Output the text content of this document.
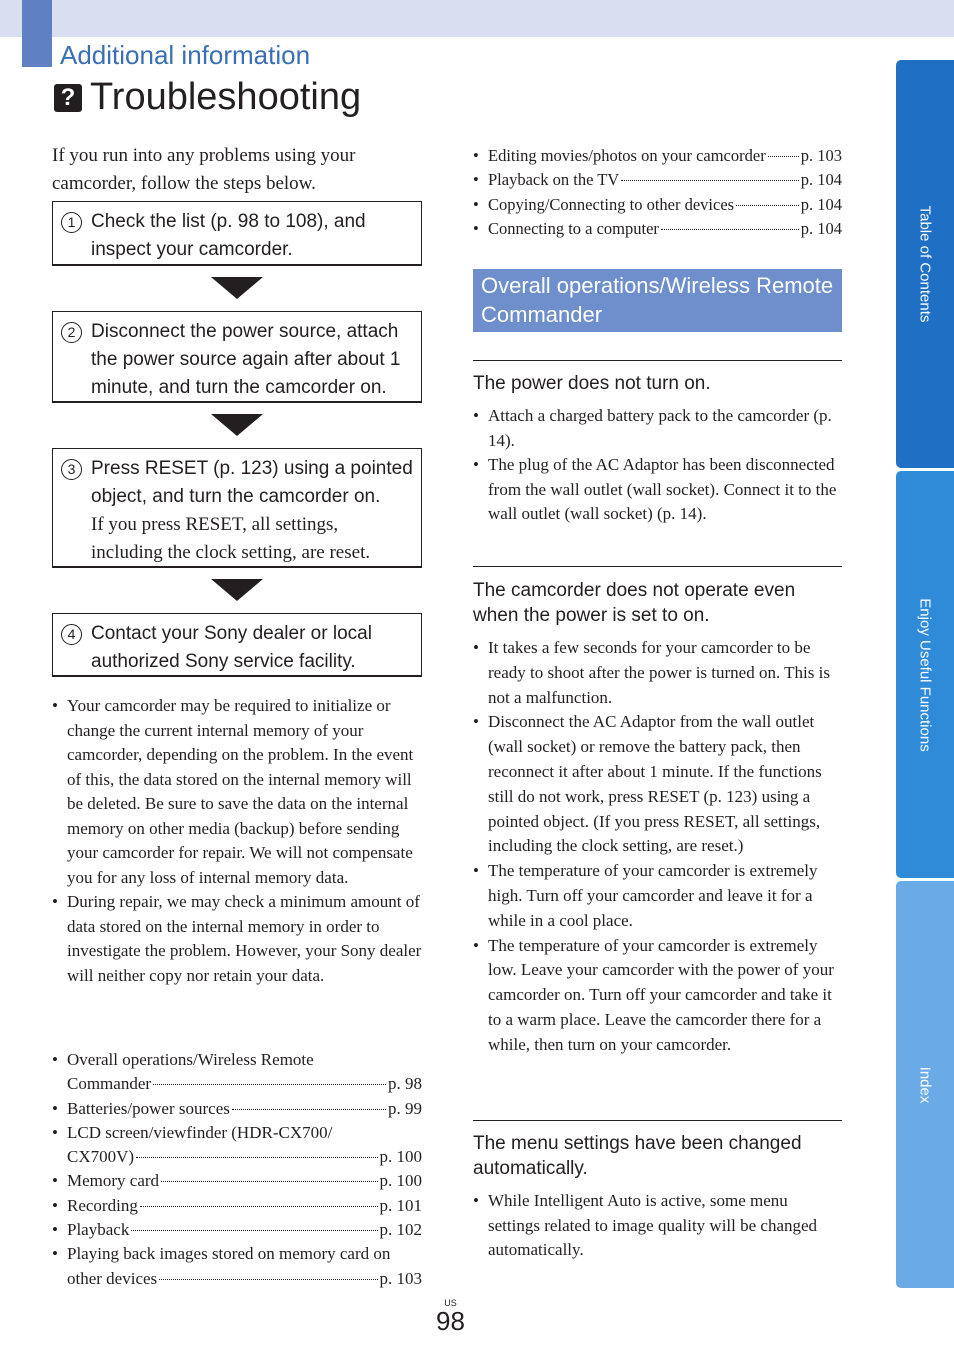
Additional information
? Troubleshooting
If you run into any problems using your camcorder, follow the steps below.
1 Check the list (p. 98 to 108), and inspect your camcorder.
2 Disconnect the power source, attach the power source again after about 1 minute, and turn the camcorder on.
3 Press RESET (p. 123) using a pointed object, and turn the camcorder on.
If you press RESET, all settings, including the clock setting, are reset.
4 Contact your Sony dealer or local authorized Sony service facility.
• Your camcorder may be required to initialize or change the current internal memory of your camcorder, depending on the problem. In the event of this, the data stored on the internal memory will be deleted. Be sure to save the data on the internal memory on other media (backup) before sending your camcorder for repair. We will not compensate you for any loss of internal memory data.
• During repair, we may check a minimum amount of data stored on the internal memory in order to investigate the problem. However, your Sony dealer will neither copy nor retain your data.
• Overall operations/Wireless Remote
Commander	p. 98
• Batteries/power sources	p. 99
• LCD screen/viewfinder (HDR-CX700/
CX700V)	p. 100
• Memory card	p. 100
• Recording	p. 101
• Playback	p. 102
• Playing back images stored on memory card on
other devices	p. 103
• Editing movies/photos on your camcorder p. 103
• Playback on the TV	p. 104
• Copying/Connecting to other devices	p. 104
• Connecting to a computer	p. 104
Overall operations/Wireless Remote Commander
The power does not turn on.
• Attach a charged battery pack to the camcorder (p. 14).
• The plug of the AC Adaptor has been disconnected from the wall outlet (wall socket). Connect it to the wall outlet (wall socket) (p. 14).
The camcorder does not operate even when the power is set to on.
• It takes a few seconds for your camcorder to be ready to shoot after the power is turned on. This is not a malfunction.
• Disconnect the AC Adaptor from the wall outlet (wall socket) or remove the battery pack, then reconnect it after about 1 minute. If the functions still do not work, press RESET (p. 123) using a pointed object. (If you press RESET, all settings, including the clock setting, are reset.)
• The temperature of your camcorder is extremely high. Turn off your camcorder and leave it for a while in a cool place.
• The temperature of your camcorder is extremely low. Leave your camcorder with the power of your camcorder on. Turn off your camcorder and take it to a warm place. Leave the camcorder there for a while, then turn on your camcorder.
The menu settings have been changed automatically.
• While Intelligent Auto is active, some menu settings related to image quality will be changed automatically.
Table of Contents
Enjoy Useful Functions
Index
US
98
